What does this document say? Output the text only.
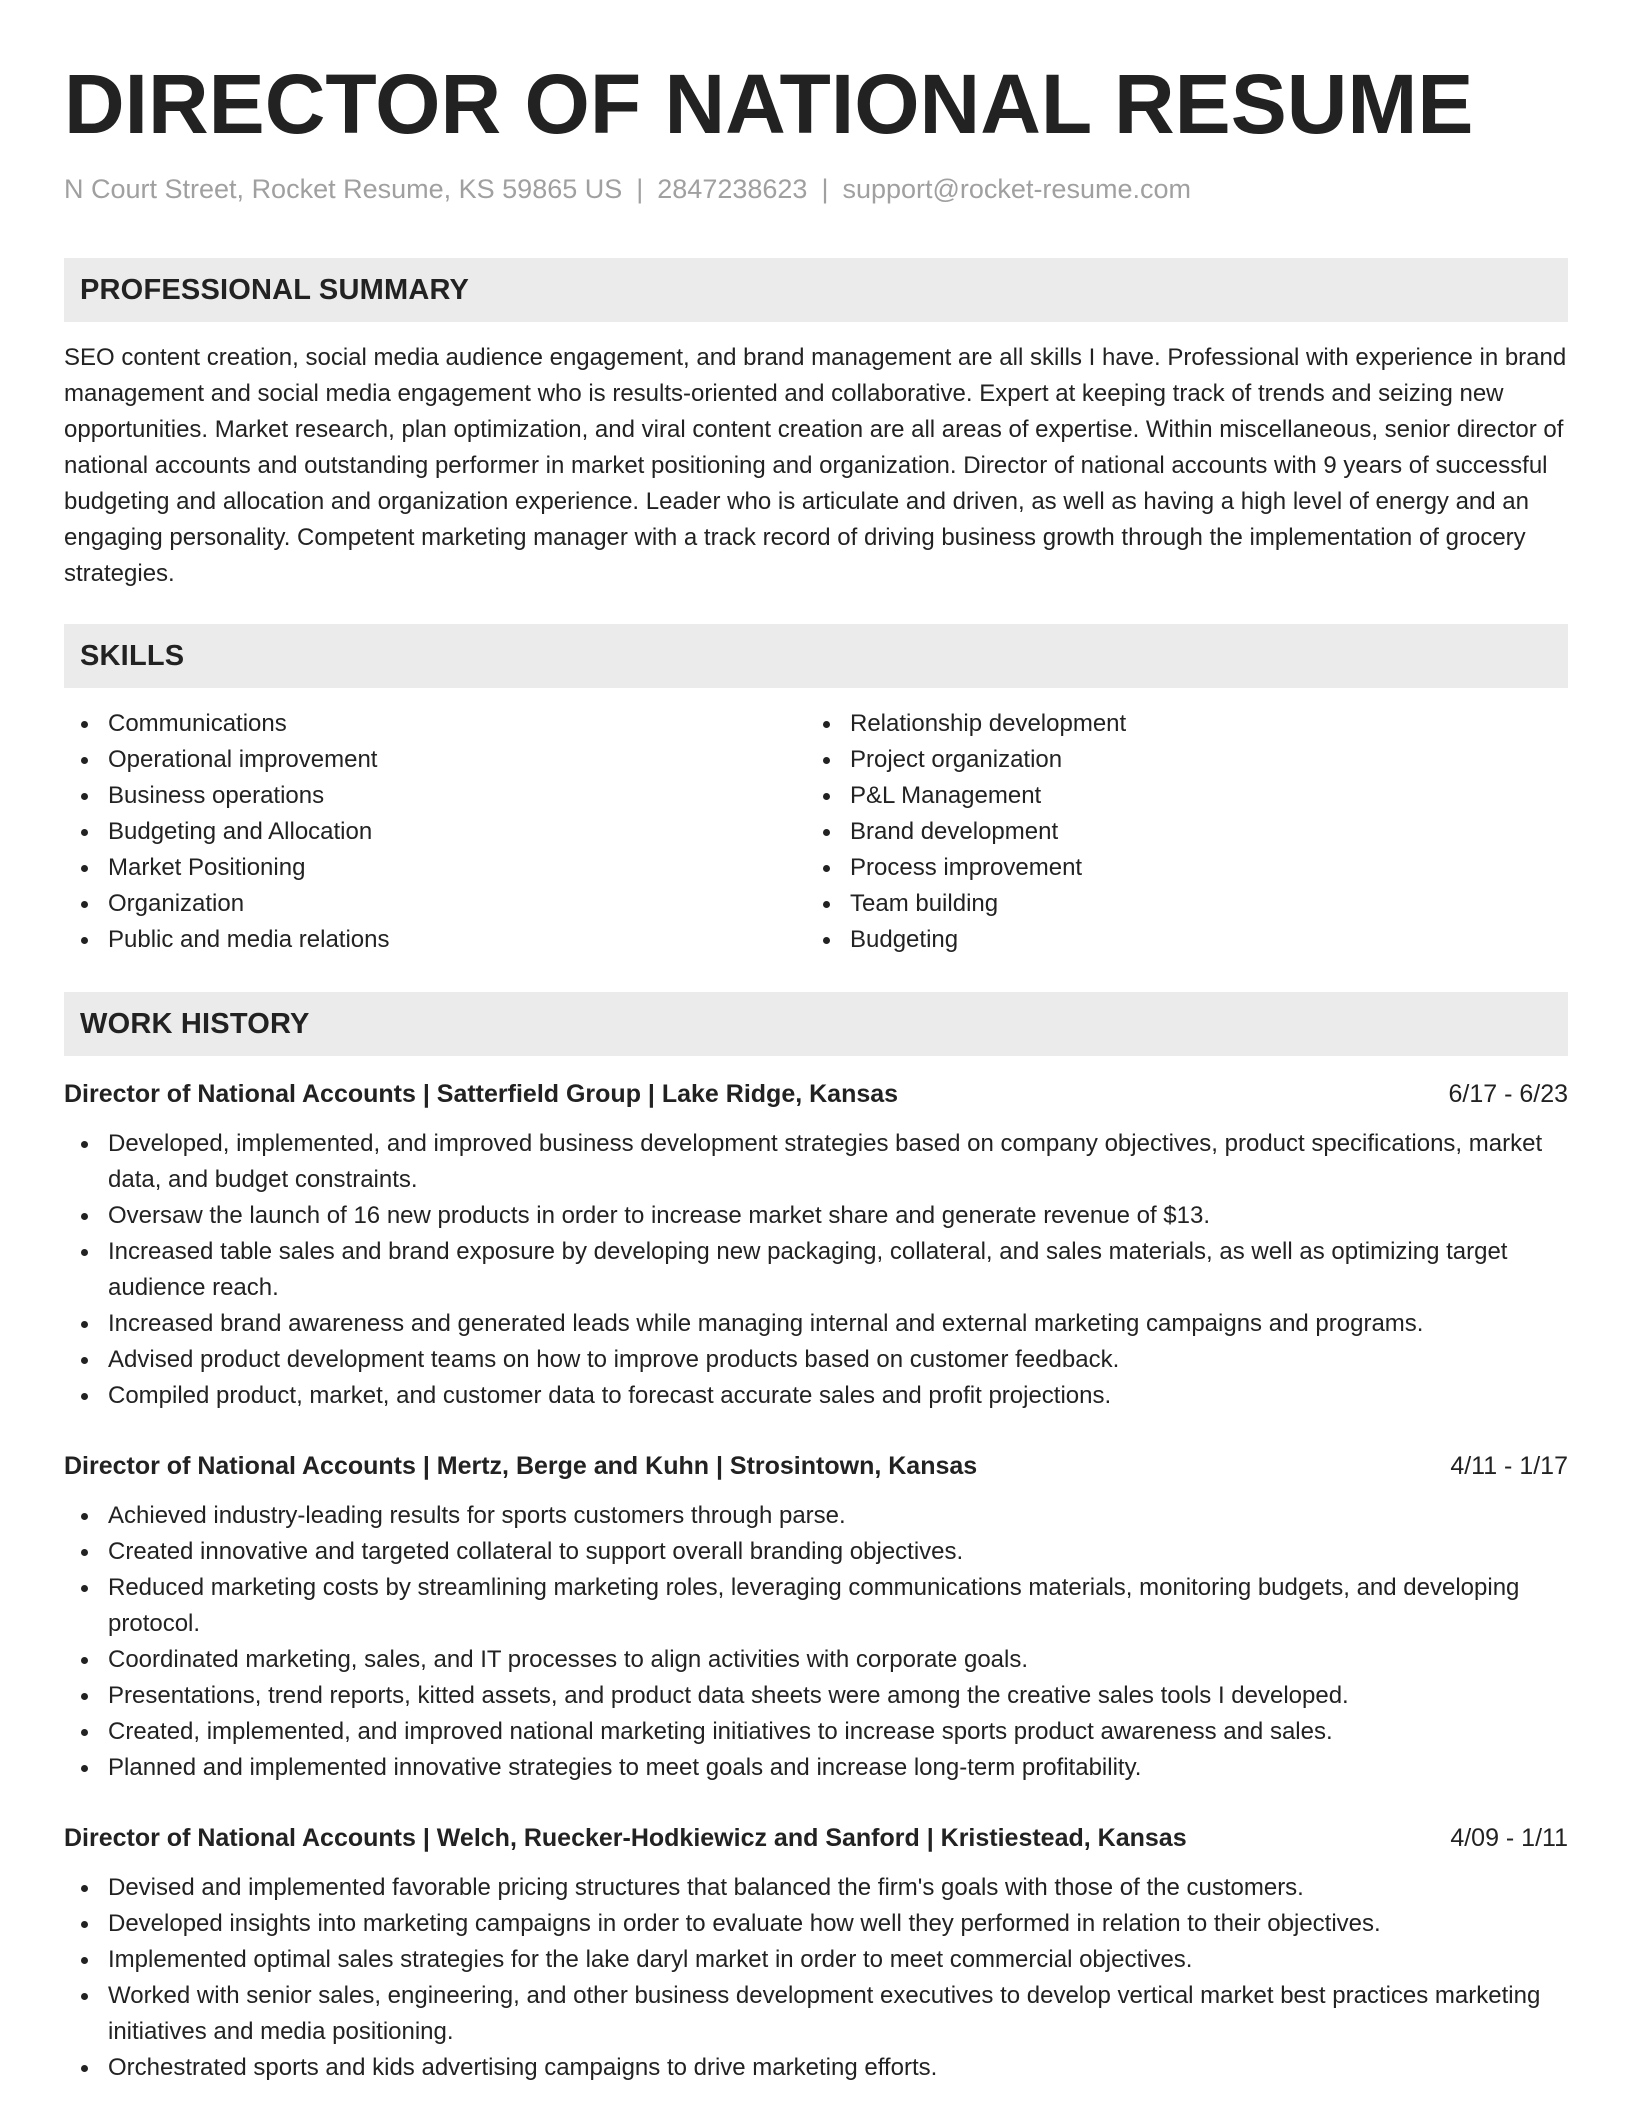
DIRECTOR OF NATIONAL RESUME
N Court Street, Rocket Resume, KS 59865 US | 2847238623 | support@rocket-resume.com
PROFESSIONAL SUMMARY

SEO content creation, social media audience engagement, and brand management are all skills I have. Professional with experience in brand management and social media engagement who is results-oriented and collaborative. Expert at keeping track of trends and seizing new opportunities. Market research, plan optimization, and viral content creation are all areas of expertise. Within miscellaneous, senior director of national accounts and outstanding performer in market positioning and organization. Director of national accounts with 9 years of successful budgeting and allocation and organization experience. Leader who is articulate and driven, as well as having a high level of energy and an engaging personality. Competent marketing manager with a track record of driving business growth through the implementation of grocery strategies.

SKILLS
Communications
Operational improvement
Business operations
Budgeting and Allocation
Market Positioning
Organization
Public and media relations
Relationship development
Project organization
P&L Management
Brand development
Process improvement
Team building
Budgeting
WORK HISTORY
Director of National Accounts | Satterfield Group | Lake Ridge, Kansas	6/17 - 6/23
Developed, implemented, and improved business development strategies based on company objectives, product specifications, market data, and budget constraints.
Oversaw the launch of 16 new products in order to increase market share and generate revenue of $13.
Increased table sales and brand exposure by developing new packaging, collateral, and sales materials, as well as optimizing target audience reach.
Increased brand awareness and generated leads while managing internal and external marketing campaigns and programs.
Advised product development teams on how to improve products based on customer feedback.
Compiled product, market, and customer data to forecast accurate sales and profit projections.
Director of National Accounts | Mertz, Berge and Kuhn | Strosintown, Kansas	4/11 - 1/17
Achieved industry-leading results for sports customers through parse.
Created innovative and targeted collateral to support overall branding objectives.
Reduced marketing costs by streamlining marketing roles, leveraging communications materials, monitoring budgets, and developing protocol.
Coordinated marketing, sales, and IT processes to align activities with corporate goals.
Presentations, trend reports, kitted assets, and product data sheets were among the creative sales tools I developed.
Created, implemented, and improved national marketing initiatives to increase sports product awareness and sales.
Planned and implemented innovative strategies to meet goals and increase long-term profitability.
Director of National Accounts | Welch, Ruecker-Hodkiewicz and Sanford | Kristiestead, Kansas	4/09 - 1/11
Devised and implemented favorable pricing structures that balanced the firm's goals with those of the customers.
Developed insights into marketing campaigns in order to evaluate how well they performed in relation to their objectives.
Implemented optimal sales strategies for the lake daryl market in order to meet commercial objectives.
Worked with senior sales, engineering, and other business development executives to develop vertical market best practices marketing initiatives and media positioning.
Orchestrated sports and kids advertising campaigns to drive marketing efforts.
